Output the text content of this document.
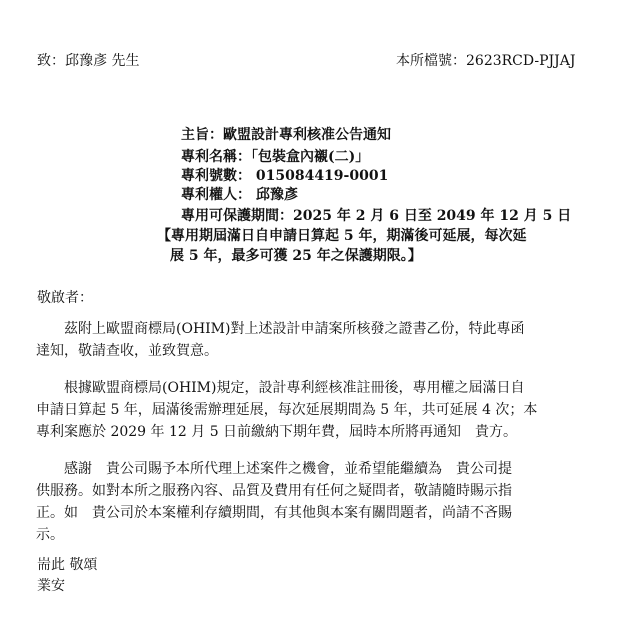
致：邱豫彥 先生	本所檔號：2623RCD-PJJAJ
主旨：歐盟設計專利核准公告通知
專利名稱：「包裝盒內襯(二)」
專利號數： 015084419-0001
專利權人： 邱豫彥
專用可保護期間：2025 年 2 月 6 日至 2049 年 12 月 5 日
【專用期屆滿日自申請日算起 5 年，期滿後可延展，每次延
展 5 年，最多可獲 25 年之保護期限。】
敬啟者：
茲附上歐盟商標局(OHIM)對上述設計申請案所核發之證書乙份，特此專函
達知，敬請查收，並致賀意。
根據歐盟商標局(OHIM)規定，設計專利經核准註冊後，專用權之屆滿日自
申請日算起 5 年，屆滿後需辦理延展，每次延展期間為 5 年，共可延展 4 次；本
專利案應於 2029 年 12 月 5 日前繳納下期年費，屆時本所將再通知　貴方。
感謝　貴公司賜予本所代理上述案件之機會，並希望能繼續為　貴公司提
供服務。如對本所之服務內容、品質及費用有任何之疑問者，敬請隨時賜示指
正。如　貴公司於本案權利存續期間，有其他與本案有關問題者，尚請不吝賜
示。
耑此 敬頌
業安
